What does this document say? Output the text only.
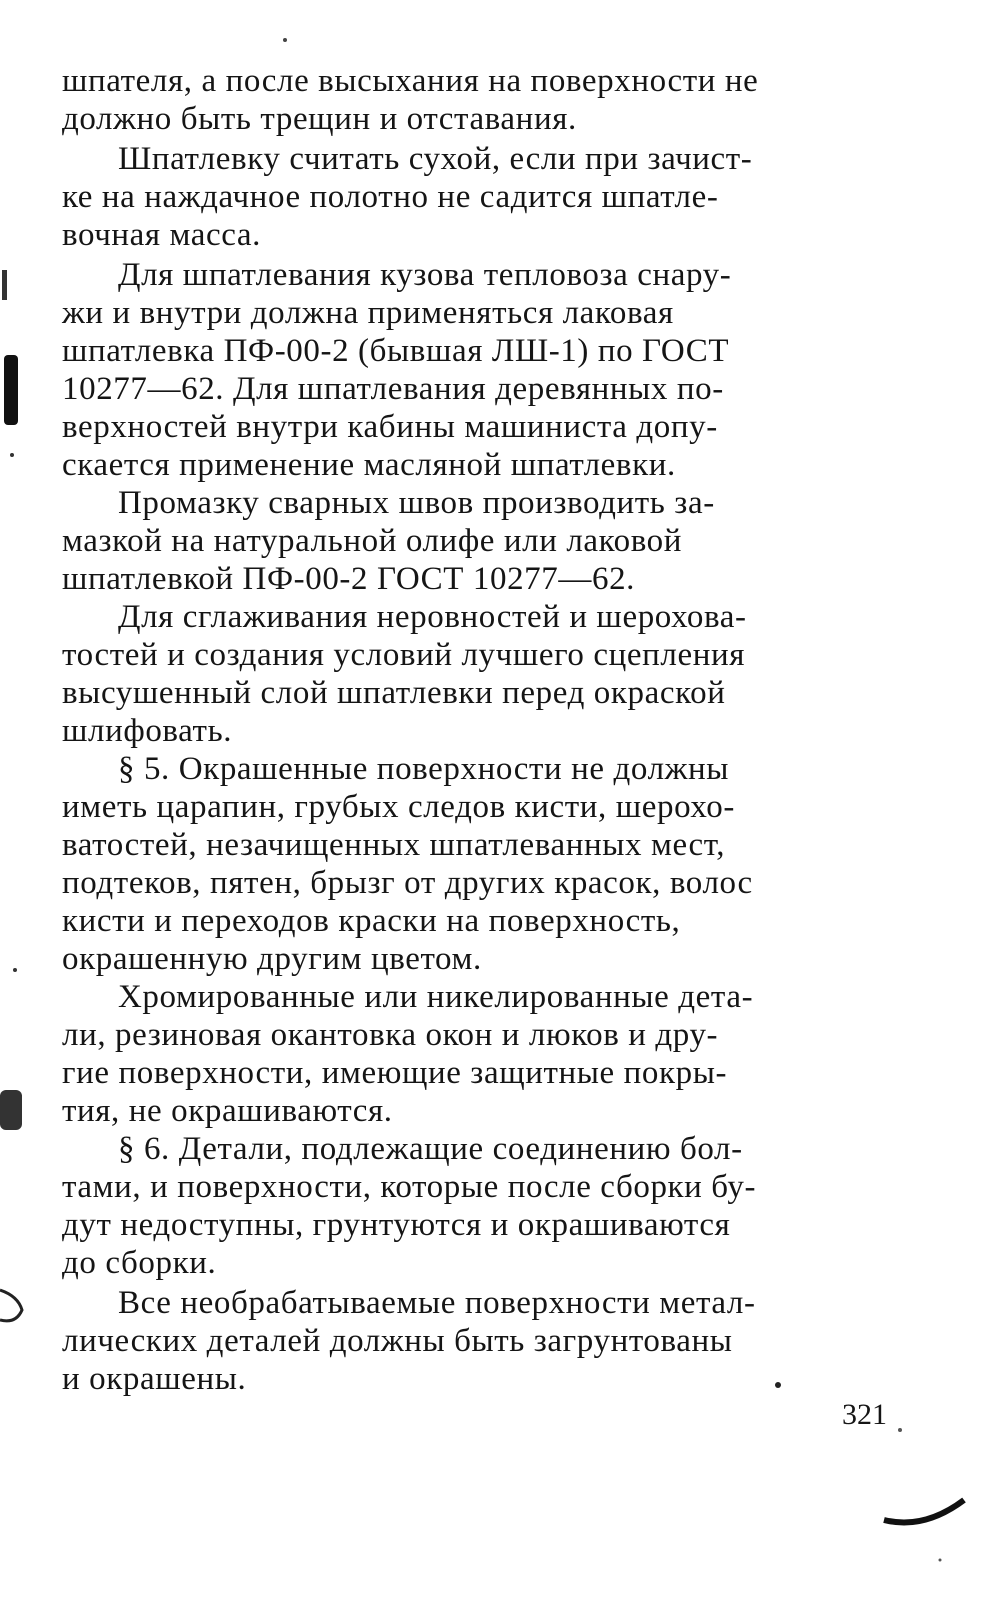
шпателя, а после высыхания на поверхности не
должно быть трещин и отставания.
Шпатлевку считать сухой, если при зачист-
ке на наждачное полотно не садится шпатле-
вочная масса.
Для шпатлевания кузова тепловоза снару-
жи и внутри должна применяться лаковая
шпатлевка ПФ-00-2 (бывшая ЛШ-1) по ГОСТ
10277—62. Для шпатлевания деревянных по-
верхностей внутри кабины машиниста допу-
скается применение масляной шпатлевки.
Промазку сварных швов производить за-
мазкой на натуральной олифе или лаковой
шпатлевкой ПФ-00-2 ГОСТ 10277—62.
Для сглаживания неровностей и шерохова-
тостей и создания условий лучшего сцепления
высушенный слой шпатлевки перед окраской
шлифовать.
§ 5. Окрашенные поверхности не должны
иметь царапин, грубых следов кисти, шерохо-
ватостей, незачищенных шпатлеванных мест,
подтеков, пятен, брызг от других красок, волос
кисти и переходов краски на поверхность,
окрашенную другим цветом.
Хромированные или никелированные дета-
ли, резиновая окантовка окон и люков и дру-
гие поверхности, имеющие защитные покры-
тия, не окрашиваются.
§ 6. Детали, подлежащие соединению бол-
тами, и поверхности, которые после сборки бу-
дут недоступны, грунтуются и окрашиваются
до сборки.
Все необрабатываемые поверхности метал-
лических деталей должны быть загрунтованы
и окрашены.
321
